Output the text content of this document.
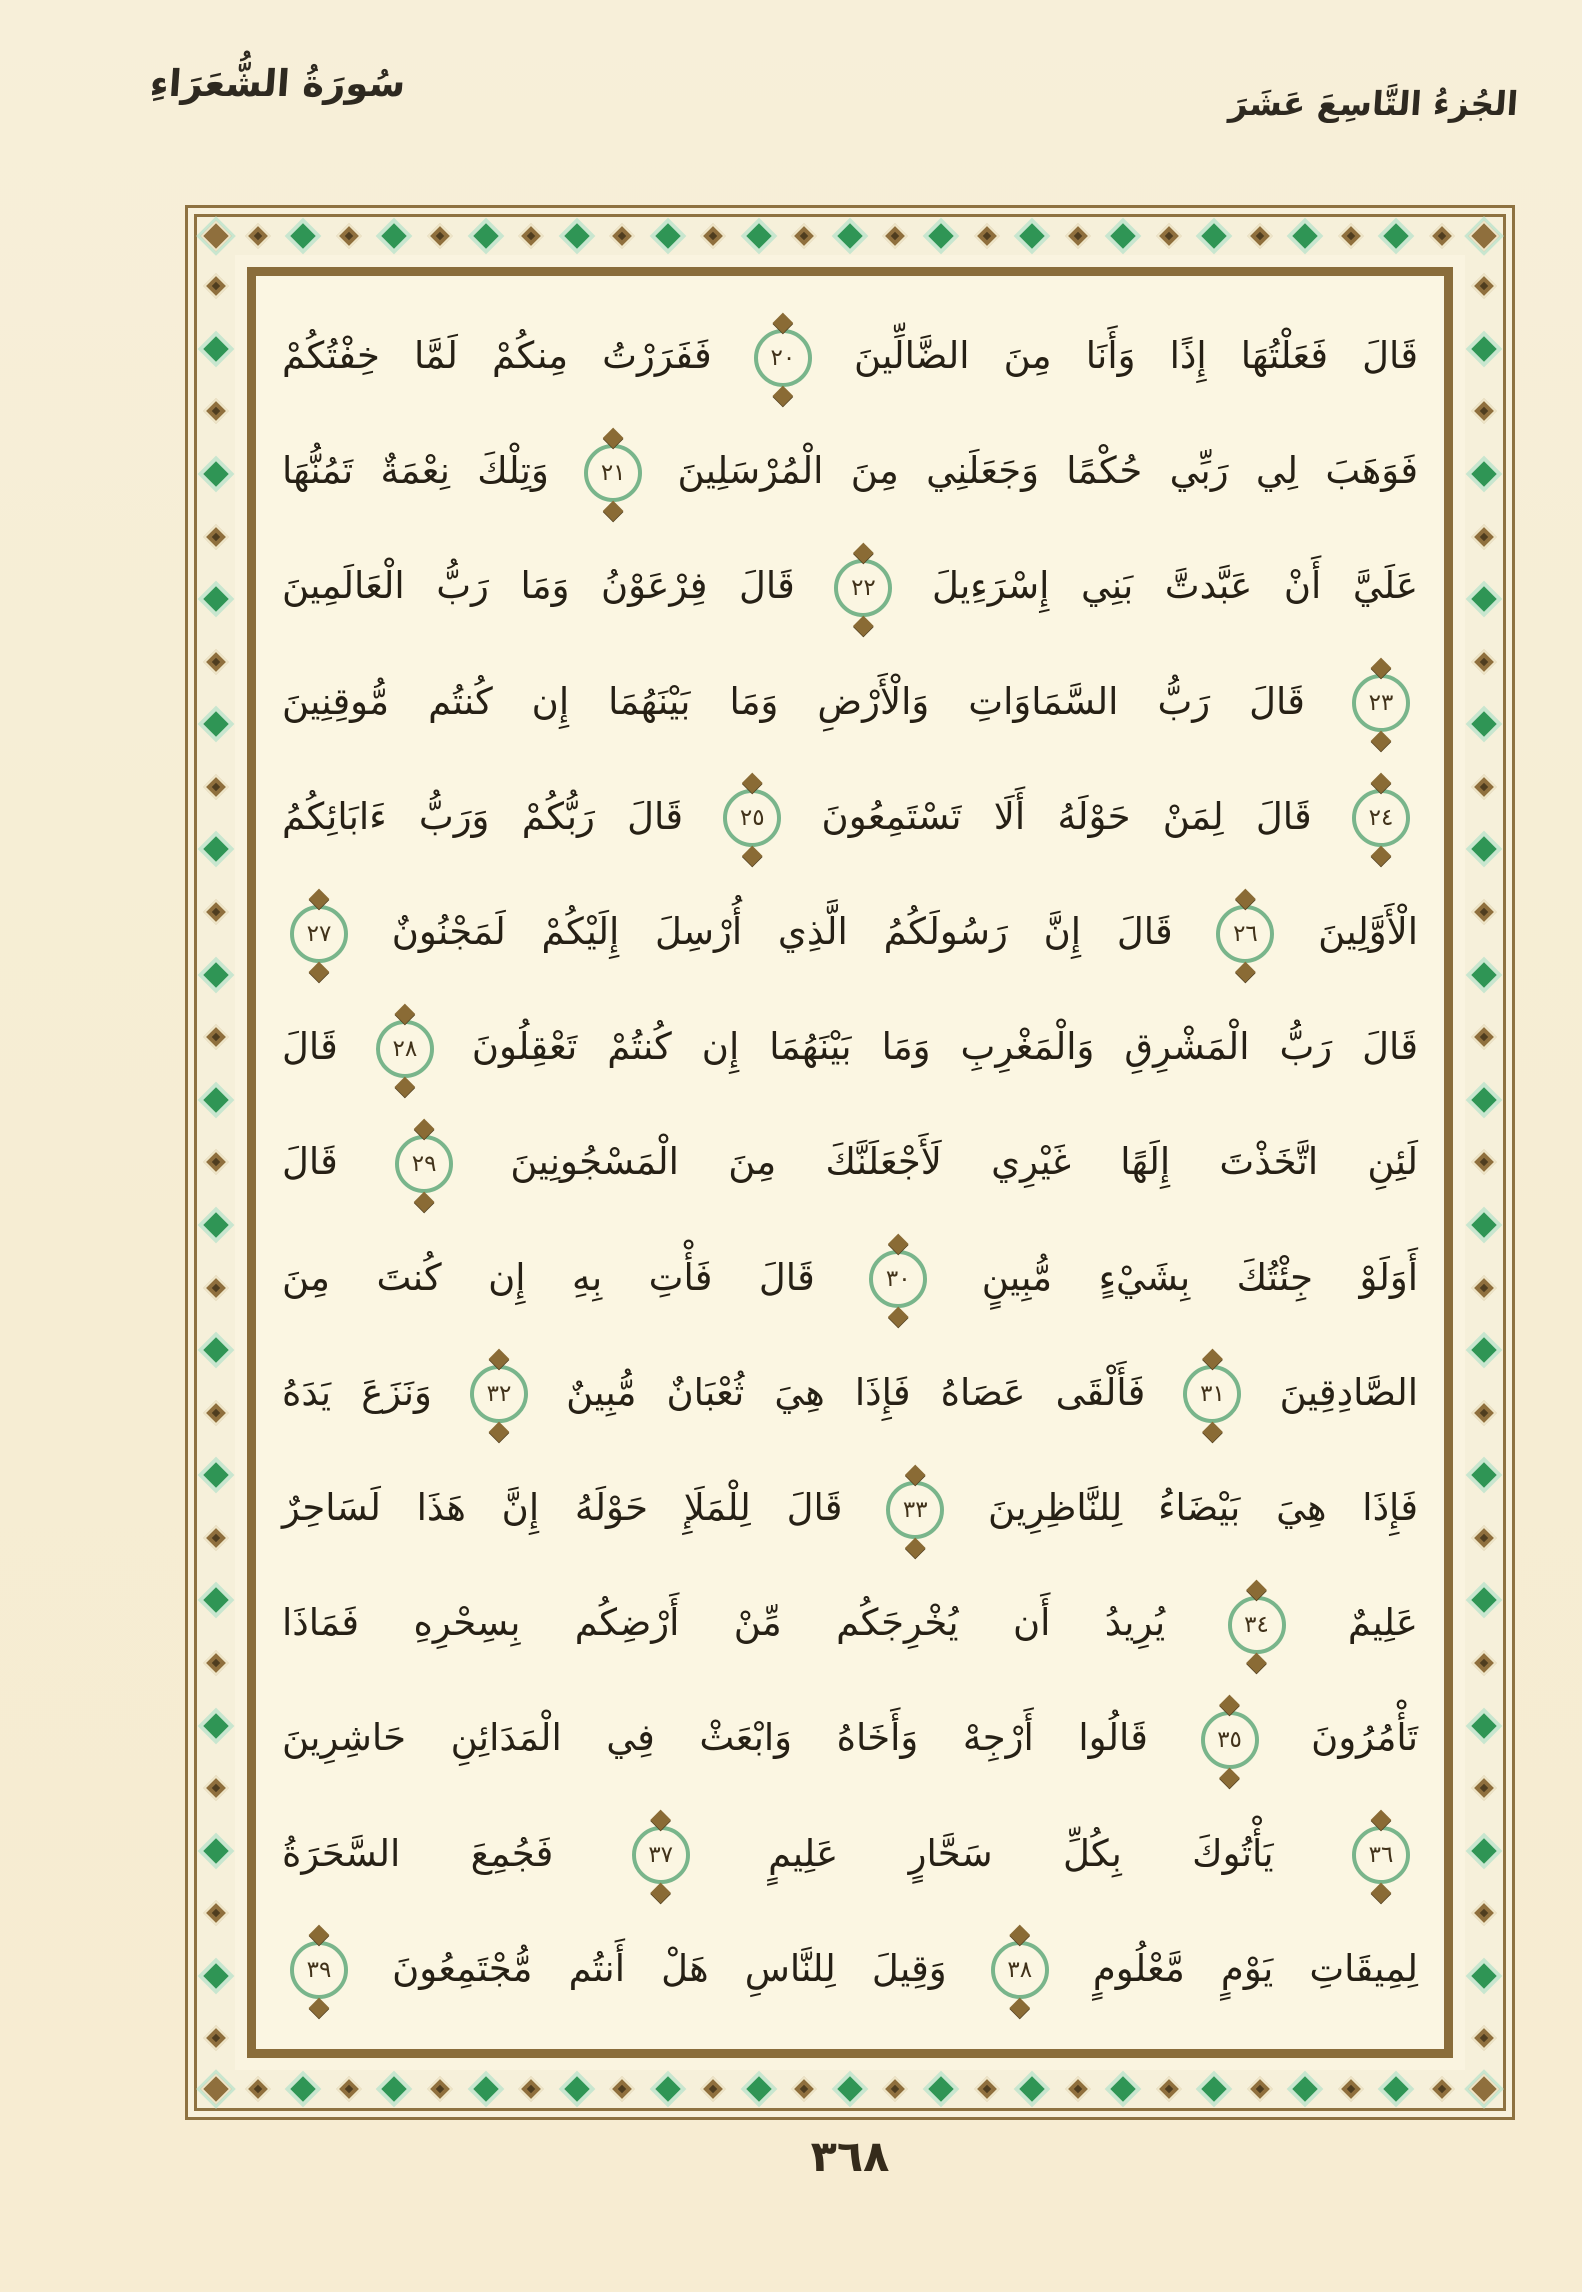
سُورَةُ الشُّعَرَاءِ	الجُزءُ التَّاسِعَ عَشَرَ
قَالَ فَعَلْتُهَا إِذًا وَأَنَا مِنَ الضَّالِّينَ ◆ ٢٠ ◆ فَفَرَرْتُ مِنكُمْ لَمَّا خِفْتُكُمْ
فَوَهَبَ لِي رَبِّي حُكْمًا وَجَعَلَنِي مِنَ الْمُرْسَلِينَ ◆ ٢١ ◆ وَتِلْكَ نِعْمَةٌ تَمُنُّهَا
عَلَيَّ أَنْ عَبَّدتَّ بَنِي إِسْرَءِيلَ ◆ ٢٢ ◆ قَالَ فِرْعَوْنُ وَمَا رَبُّ الْعَالَمِينَ
◆ ٢٣ ◆ قَالَ رَبُّ السَّمَاوَاتِ وَالْأَرْضِ وَمَا بَيْنَهُمَا إِن كُنتُم مُّوقِنِينَ
◆ ٢٤ ◆ قَالَ لِمَنْ حَوْلَهُ أَلَا تَسْتَمِعُونَ ◆ ٢٥ ◆ قَالَ رَبُّكُمْ وَرَبُّ ءَابَائِكُمُ
الْأَوَّلِينَ ◆ ٢٦ ◆ قَالَ إِنَّ رَسُولَكُمُ الَّذِي أُرْسِلَ إِلَيْكُمْ لَمَجْنُونٌ ◆ ٢٧ ◆
قَالَ رَبُّ الْمَشْرِقِ وَالْمَغْرِبِ وَمَا بَيْنَهُمَا إِن كُنتُمْ تَعْقِلُونَ ◆ ٢٨ ◆ قَالَ
لَئِنِ اتَّخَذْتَ إِلَهًا غَيْرِي لَأَجْعَلَنَّكَ مِنَ الْمَسْجُونِينَ ◆ ٢٩ ◆ قَالَ
أَوَلَوْ جِئْتُكَ بِشَيْءٍ مُّبِينٍ ◆ ٣٠ ◆ قَالَ فَأْتِ بِهِ إِن كُنتَ مِنَ
الصَّادِقِينَ ◆ ٣١ ◆ فَأَلْقَى عَصَاهُ فَإِذَا هِيَ ثُعْبَانٌ مُّبِينٌ ◆ ٣٢ ◆ وَنَزَعَ يَدَهُ
فَإِذَا هِيَ بَيْضَاءُ لِلنَّاظِرِينَ ◆ ٣٣ ◆ قَالَ لِلْمَلَإِ حَوْلَهُ إِنَّ هَذَا لَسَاحِرٌ
عَلِيمٌ ◆ ٣٤ ◆ يُرِيدُ أَن يُخْرِجَكُم مِّنْ أَرْضِكُم بِسِحْرِهِ فَمَاذَا
تَأْمُرُونَ ◆ ٣٥ ◆ قَالُوا أَرْجِهْ وَأَخَاهُ وَابْعَثْ فِي الْمَدَائِنِ حَاشِرِينَ
◆ ٣٦ ◆ يَأْتُوكَ بِكُلِّ سَحَّارٍ عَلِيمٍ ◆ ٣٧ ◆ فَجُمِعَ السَّحَرَةُ
لِمِيقَاتِ يَوْمٍ مَّعْلُومٍ ◆ ٣٨ ◆ وَقِيلَ لِلنَّاسِ هَلْ أَنتُم مُّجْتَمِعُونَ ◆ ٣٩ ◆
٣٦٨
